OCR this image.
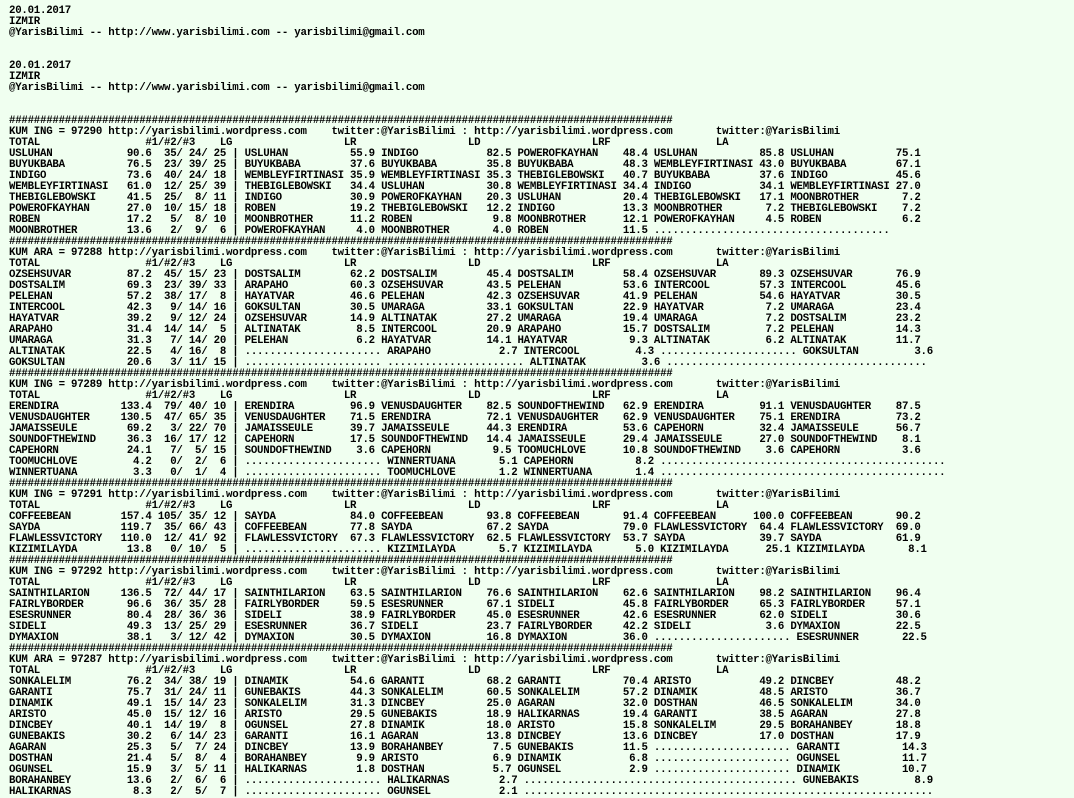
20.01.2017
IZMIR
@YarisBilimi -- http://www.yarisbilimi.com -- yarisbilimi@gmail.com
20.01.2017
IZMIR
@YarisBilimi -- http://www.yarisbilimi.com -- yarisbilimi@gmail.com
###########################################################################################################
KUM ING = 97290 http://yarisbilimi.wordpress.com    twitter:@YarisBilimi : http://yarisbilimi.wordpress.com       twitter:@YarisBilimi
TOTAL                 #1/#2/#3    LG                  LR                  LD                  LRF                 LA
USLUHAN            90.6  35/ 24/ 25 | USLUHAN          55.9 INDIGO           82.5 POWEROFKAYHAN    48.4 USLUHAN          85.8 USLUHAN          75.1
BUYUKBABA          76.5  23/ 39/ 25 | BUYUKBABA        37.6 BUYUKBABA        35.8 BUYUKBABA        48.3 WEMBLEYFIRTINASI 43.0 BUYUKBABA        67.1
INDIGO             73.6  40/ 24/ 18 | WEMBLEYFIRTINASI 35.9 WEMBLEYFIRTINASI 35.3 THEBIGLEBOWSKI   40.7 BUYUKBABA        37.6 INDIGO           45.6
WEMBLEYFIRTINASI   61.0  12/ 25/ 39 | THEBIGLEBOWSKI   34.4 USLUHAN          30.8 WEMBLEYFIRTINASI 34.4 INDIGO           34.1 WEMBLEYFIRTINASI 27.0
THEBIGLEBOWSKI     41.5  25/  8/ 11 | INDIGO           30.9 POWEROFKAYHAN    20.3 USLUHAN          20.4 THEBIGLEBOWSKI   17.1 MOONBROTHER       7.2
POWEROFKAYHAN      27.0  10/ 15/ 18 | ROBEN            19.2 THEBIGLEBOWSKI   12.2 INDIGO           13.3 MOONBROTHER       7.2 THEBIGLEBOWSKI    7.2
ROBEN              17.2   5/  8/ 10 | MOONBROTHER      11.2 ROBEN             9.8 MOONBROTHER      12.1 POWEROFKAYHAN     4.5 ROBEN             6.2
MOONBROTHER        13.6   2/  9/  6 | POWEROFKAYHAN     4.0 MOONBROTHER       4.0 ROBEN            11.5 ......................................
###########################################################################################################
KUM ARA = 97288 http://yarisbilimi.wordpress.com    twitter:@YarisBilimi : http://yarisbilimi.wordpress.com       twitter:@YarisBilimi
TOTAL                 #1/#2/#3    LG                  LR                  LD                  LRF                 LA
OZSEHSUVAR         87.2  45/ 15/ 23 | DOSTSALIM        62.2 DOSTSALIM        45.4 DOSTSALIM        58.4 OZSEHSUVAR       89.3 OZSEHSUVAR       76.9
DOSTSALIM          69.3  23/ 39/ 33 | ARAPAHO          60.3 OZSEHSUVAR       43.5 PELEHAN          53.6 INTERCOOL        57.3 INTERCOOL        45.6
PELEHAN            57.2  38/ 17/  8 | HAYATVAR         46.6 PELEHAN          42.3 OZSEHSUVAR       41.9 PELEHAN          54.6 HAYATVAR         30.5
INTERCOOL          42.3   9/ 14/ 16 | GOKSULTAN        30.5 UMARAGA          33.1 GOKSULTAN        22.9 HAYATVAR          7.2 UMARAGA          23.4
HAYATVAR           39.2   9/ 12/ 24 | OZSEHSUVAR       14.9 ALTINATAK        27.2 UMARAGA          19.4 UMARAGA           7.2 DOSTSALIM        23.2
ARAPAHO            31.4  14/ 14/  5 | ALTINATAK         8.5 INTERCOOL        20.9 ARAPAHO          15.7 DOSTSALIM         7.2 PELEHAN          14.3
UMARAGA            31.3   7/ 14/ 20 | PELEHAN           6.2 HAYATVAR         14.1 HAYATVAR          9.3 ALTINATAK         6.2 ALTINATAK        11.7
ALTINATAK          22.5   4/ 16/  8 | ...................... ARAPAHO           2.7 INTERCOOL         4.3 ...................... GOKSULTAN         3.6
GOKSULTAN          20.6   3/ 11/ 15 | ...................... ...................... ALTINATAK         3.6 ..........................................
###########################################################################################################
KUM ING = 97289 http://yarisbilimi.wordpress.com    twitter:@YarisBilimi : http://yarisbilimi.wordpress.com       twitter:@YarisBilimi
TOTAL                 #1/#2/#3    LG                  LR                  LD                  LRF                 LA
ERENDIRA          133.4  79/ 40/ 10 | ERENDIRA         96.9 VENUSDAUGHTER    82.5 SOUNDOFTHEWIND   62.9 ERENDIRA         91.1 VENUSDAUGHTER    87.5
VENUSDAUGHTER     130.5  47/ 65/ 35 | VENUSDAUGHTER    71.5 ERENDIRA         72.1 VENUSDAUGHTER    62.9 VENUSDAUGHTER    75.1 ERENDIRA         73.2
JAMAISSEULE        69.2   3/ 22/ 70 | JAMAISSEULE      39.7 JAMAISSEULE      44.3 ERENDIRA         53.6 CAPEHORN         32.4 JAMAISSEULE      56.7
SOUNDOFTHEWIND     36.3  16/ 17/ 12 | CAPEHORN         17.5 SOUNDOFTHEWIND   14.4 JAMAISSEULE      29.4 JAMAISSEULE      27.0 SOUNDOFTHEWIND    8.1
CAPEHORN           24.1   7/  5/ 15 | SOUNDOFTHEWIND    3.6 CAPEHORN          9.5 TOOMUCHLOVE      10.8 SOUNDOFTHEWIND    3.6 CAPEHORN          3.6
TOOMUCHLOVE         4.2   0/  2/  6 | ...................... WINNERTUANA       5.1 CAPEHORN          8.2 ..............................................
WINNERTUANA         3.3   0/  1/  4 | ...................... TOOMUCHLOVE       1.2 WINNERTUANA       1.4 ..............................................
###########################################################################################################
KUM ING = 97291 http://yarisbilimi.wordpress.com    twitter:@YarisBilimi : http://yarisbilimi.wordpress.com       twitter:@YarisBilimi
TOTAL                 #1/#2/#3    LG                  LR                  LD                  LRF                 LA
COFFEEBEAN        157.4 105/ 35/ 12 | SAYDA            84.0 COFFEEBEAN       93.8 COFFEEBEAN       91.4 COFFEEBEAN      100.0 COFFEEBEAN       90.2
SAYDA             119.7  35/ 66/ 43 | COFFEEBEAN       77.8 SAYDA            67.2 SAYDA            79.0 FLAWLESSVICTORY  64.4 FLAWLESSVICTORY  69.0
FLAWLESSVICTORY   110.0  12/ 41/ 92 | FLAWLESSVICTORY  67.3 FLAWLESSVICTORY  62.5 FLAWLESSVICTORY  53.7 SAYDA            39.7 SAYDA            61.9
KIZIMILAYDA        13.8   0/ 10/  5 | ...................... KIZIMILAYDA       5.7 KIZIMILAYDA       5.0 KIZIMILAYDA      25.1 KIZIMILAYDA       8.1
###########################################################################################################
KUM ING = 97292 http://yarisbilimi.wordpress.com    twitter:@YarisBilimi : http://yarisbilimi.wordpress.com       twitter:@YarisBilimi
TOTAL                 #1/#2/#3    LG                  LR                  LD                  LRF                 LA
SAINTHILARION     136.5  72/ 44/ 17 | SAINTHILARION    63.5 SAINTHILARION    76.6 SAINTHILARION    62.6 SAINTHILARION    98.2 SAINTHILARION    96.4
FAIRLYBORDER       96.6  36/ 35/ 28 | FAIRLYBORDER     59.5 ESESRUNNER       67.1 SIDELI           45.8 FAIRLYBORDER     65.3 FAIRLYBORDER     57.1
ESESRUNNER         80.4  28/ 36/ 36 | SIDELI           38.9 FAIRLYBORDER     45.0 ESESRUNNER       42.6 ESESRUNNER       62.0 SIDELI           30.6
SIDELI             49.3  13/ 25/ 29 | ESESRUNNER       36.7 SIDELI           23.7 FAIRLYBORDER     42.2 SIDELI            3.6 DYMAXION         22.5
DYMAXION           38.1   3/ 12/ 42 | DYMAXION         30.5 DYMAXION         16.8 DYMAXION         36.0 ...................... ESESRUNNER       22.5
###########################################################################################################
KUM ARA = 97287 http://yarisbilimi.wordpress.com    twitter:@YarisBilimi : http://yarisbilimi.wordpress.com       twitter:@YarisBilimi
TOTAL                 #1/#2/#3    LG                  LR                  LD                  LRF                 LA
SONKALELIM         76.2  34/ 38/ 19 | DINAMIK          54.6 GARANTI          68.2 GARANTI          70.4 ARISTO           49.2 DINCBEY          48.2
GARANTI            75.7  31/ 24/ 11 | GUNEBAKIS        44.3 SONKALELIM       60.5 SONKALELIM       57.2 DINAMIK          48.5 ARISTO           36.7
DINAMIK            49.1  15/ 14/ 23 | SONKALELIM       31.3 DINCBEY          25.0 AGARAN           32.0 DOSTHAN          46.5 SONKALELIM       34.0
ARISTO             45.0  15/ 12/ 16 | ARISTO           29.5 GUNEBAKIS        18.9 HALIKARNAS       19.4 GARANTI          38.5 AGARAN           27.8
DINCBEY            40.1  14/ 19/  8 | OGUNSEL          27.8 DINAMIK          18.0 ARISTO           15.8 SONKALELIM       29.5 BORAHANBEY       18.8
GUNEBAKIS          30.2   6/ 14/ 23 | GARANTI          16.1 AGARAN           13.8 DINCBEY          13.6 DINCBEY          17.0 DOSTHAN          17.9
AGARAN             25.3   5/  7/ 24 | DINCBEY          13.9 BORAHANBEY        7.5 GUNEBAKIS        11.5 ...................... GARANTI          14.3
DOSTHAN            21.4   5/  8/  4 | BORAHANBEY        9.9 ARISTO            6.9 DINAMIK           6.8 ...................... OGUNSEL          11.7
OGUNSEL            15.9   3/  5/ 11 | HALIKARNAS        1.8 DOSTHAN           5.7 OGUNSEL           2.9 ...................... DINAMIK          10.7
BORAHANBEY         13.6   2/  6/  6 | ...................... HALIKARNAS        2.7 ............................................ GUNEBAKIS         8.9
HALIKARNAS          8.3   2/  5/  7 | ...................... OGUNSEL           2.1 ..................................................................
